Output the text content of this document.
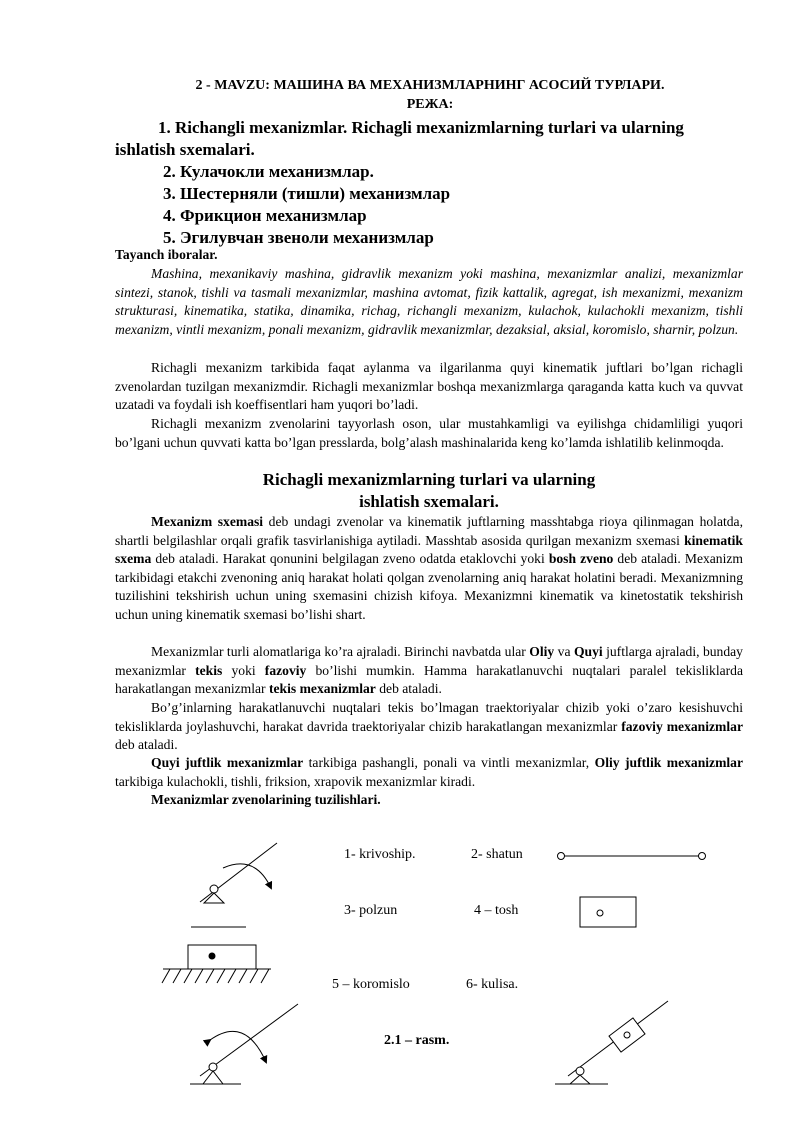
2 - MAVZU: МАШИНА ВА МЕХАНИЗМЛАРНИНГ АСОСИЙ ТУРЛАРИ.
РЕЖА:
1. Richangli mexanizmlar. Richagli mexanizmlarning turlari va ularning
ishlatish sxemalari.
2. Кулачокли механизмлар.
3. Шестерняли (тишли) механизмлар
4. Фрикцион механизмлар
5. Эгилувчан звеноли механизмлар
Tayanch iboralar.
Mashina, mexanikaviy mashina, gidravlik mexanizm yoki mashina, mexanizmlar analizi, mexanizmlar sintezi, stanok, tishli va tasmali mexanizmlar, mashina avtomat, fizik kattalik, agregat, ish mexanizmi, mexanizm strukturasi, kinematika, statika, dinamika, richag, richangli mexanizm, kulachok, kulachokli mexanizm, tishli mexanizm, vintli mexanizm, ponali mexanizm, gidravlik mexanizmlar, dezaksial, aksial, koromislo, sharnir, polzun.
Richagli mexanizm tarkibida faqat aylanma va ilgarilanma quyi kinematik juftlari bo’lgan richagli zvenolardan tuzilgan mexanizmdir. Richagli mexanizmlar boshqa mexanizmlarga qaraganda katta kuch va quvvat uzatadi va foydali ish koeffisentlari ham yuqori bo’ladi.
Richagli mexanizm zvenolarini tayyorlash oson, ular mustahkamligi va eyilishga chidamliligi yuqori bo’lgani uchun quvvati katta bo’lgan presslarda, bolg’alash mashinalarida keng ko’lamda ishlatilib kelinmoqda.
Richagli mexanizmlarning turlari va ularning
ishlatish sxemalari.
Mexanizm sxemasi deb undagi zvenolar va kinematik juftlarning masshtabga rioya qilinmagan holatda, shartli belgilashlar orqali grafik tasvirlanishiga aytiladi. Masshtab asosida qurilgan mexanizm sxemasi kinematik sxema deb ataladi. Harakat qonunini belgilagan zveno odatda etaklovchi yoki bosh zveno deb ataladi. Mexanizm tarkibidagi etakchi zvenoning aniq harakat holati qolgan zvenolarning aniq harakat holatini beradi. Mexanizmning tuzilishini tekshirish uchun uning sxemasini chizish kifoya. Mexanizmni kinematik va kinetostatik tekshirish uchun uning kinematik sxemasi bo’lishi shart.
Mexanizmlar turli alomatlariga ko’ra ajraladi. Birinchi navbatda ular Oliy va Quyi juftlarga ajraladi, bunday mexanizmlar tekis yoki fazoviy bo’lishi mumkin. Hamma harakatlanuvchi nuqtalari paralel tekisliklarda harakatlangan mexanizmlar tekis mexanizmlar deb ataladi.
Bo’g’inlarning harakatlanuvchi nuqtalari tekis bo’lmagan traektoriyalar chizib yoki o’zaro kesishuvchi tekisliklarda joylashuvchi, harakat davrida traektoriyalar chizib harakatlangan mexanizmlar fazoviy mexanizmlar deb ataladi.
Quyi juftlik mexanizmlar tarkibiga pashangli, ponali va vintli mexanizmlar, Oliy juftlik mexanizmlar tarkibiga kulachokli, tishli, friksion, xrapovik mexanizmlar kiradi.
Mexanizmlar zvenolarining tuzilishlari.
1- krivoship.	2- shatun
3- polzun	4 – tosh
5 – koromislo	6- kulisa.
2.1 – rasm.
